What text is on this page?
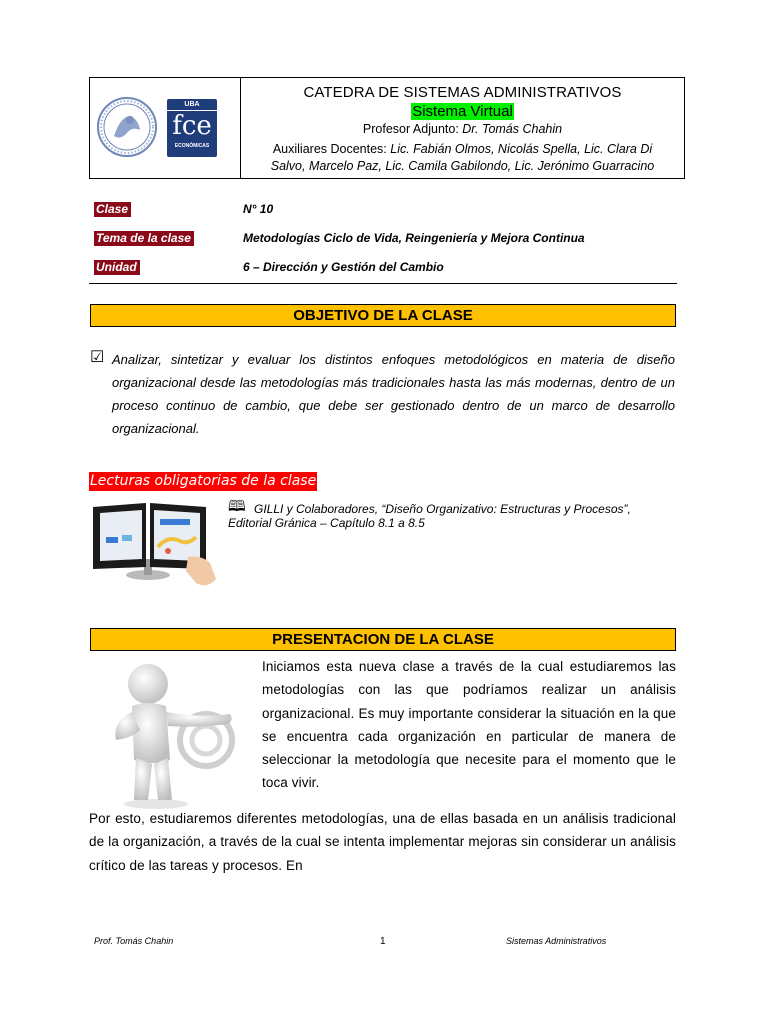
UBA
fce
ECONÓMICAS
CATEDRA DE SISTEMAS ADMINISTRATIVOS
Sistema Virtual
Profesor Adjunto: Dr. Tomás Chahin
Auxiliares Docentes: Lic. Fabián Olmos, Nicolás Spella, Lic. Clara Di
Salvo, Marcelo Paz, Lic. Camila Gabilondo, Lic. Jerónimo Guarracino
Clase	N° 10
Tema de la clase	Metodologías Ciclo de Vida, Reingeniería y Mejora Continua
Unidad	6 – Dirección y Gestión del Cambio
OBJETIVO DE LA CLASE
☑ Analizar, sintetizar y evaluar los distintos enfoques metodológicos en materia de diseño organizacional desde las metodologías más tradicionales hasta las más modernas, dentro de un proceso continuo de cambio, que debe ser gestionado dentro de un marco de desarrollo organizacional.
Lecturas obligatorias de la clase
🕮 GILLI y Colaboradores, “Diseño Organizativo: Estructuras y Procesos”,
Editorial Gránica – Capítulo 8.1 a 8.5
PRESENTACION DE LA CLASE
Iniciamos esta nueva clase a través de la cual estudiaremos las metodologías con las que podríamos realizar un análisis organizacional. Es muy importante considerar la situación en la que se encuentra cada organización en particular de manera de seleccionar la metodología que necesite para el momento que le toca vivir.
Por esto, estudiaremos diferentes metodologías, una de ellas basada en un análisis tradicional de la organización, a través de la cual se intenta implementar mejoras sin considerar un análisis crítico de las tareas y procesos. En
Prof. Tomás Chahin	1	Sistemas Administrativos
